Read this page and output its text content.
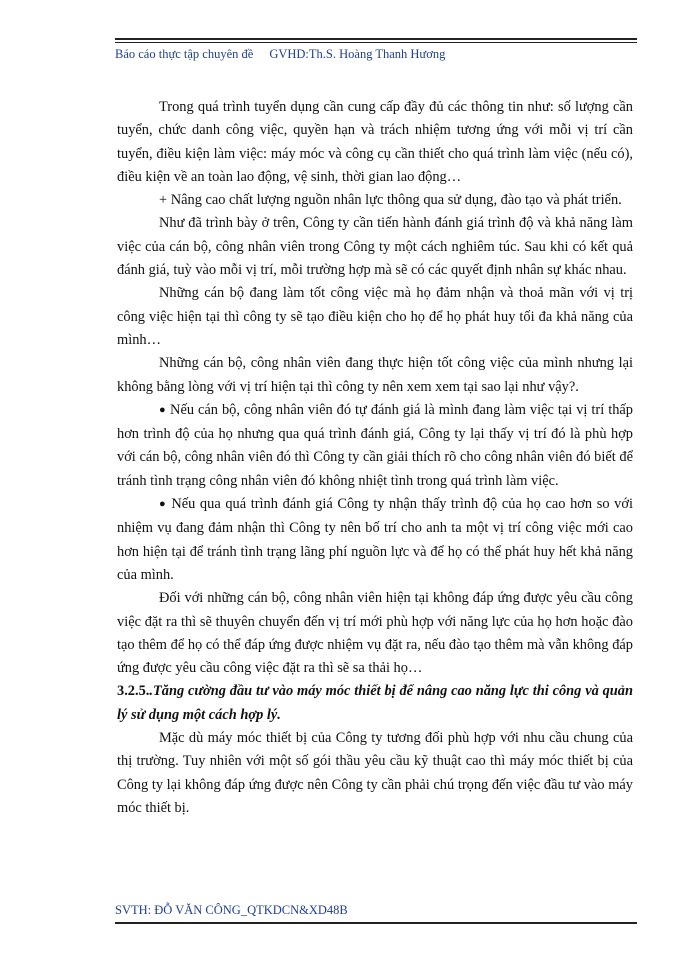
Báo cáo thực tập chuyên đề GVHD:Th.S. Hoàng Thanh Hương

Trong quá trình tuyển dụng cần cung cấp đầy đủ các thông tin như: số lượng cần tuyển, chức danh công việc, quyền hạn và trách nhiệm tương ứng với mỗi vị trí cần tuyển, điều kiện làm việc: máy móc và công cụ cần thiết cho quá trình làm việc (nếu có), điều kiện về an toàn lao động, vệ sinh, thời gian lao động…

+ Nâng cao chất lượng nguồn nhân lực thông qua sử dụng, đào tạo và phát triển.

Như đã trình bày ở trên, Công ty cần tiến hành đánh giá trình độ và khả năng làm việc của cán bộ, công nhân viên trong Công ty một cách nghiêm túc. Sau khi có kết quả đánh giá, tuỳ vào mỗi vị trí, mỗi trường hợp mà sẽ có các quyết định nhân sự khác nhau.

Những cán bộ đang làm tốt công việc mà họ đảm nhận và thoả mãn với vị trị công việc hiện tại thì công ty sẽ tạo điều kiện cho họ để họ phát huy tối đa khả năng của mình…

Những cán bộ, công nhân viên đang thực hiện tốt công việc của mình nhưng lại không bằng lòng với vị trí hiện tại thì công ty nên xem xem tại sao lại như vậy?.

● Nếu cán bộ, công nhân viên đó tự đánh giá là mình đang làm việc tại vị trí thấp hơn trình độ của họ nhưng qua quá trình đánh giá, Công ty lại thấy vị trí đó là phù hợp với cán bộ, công nhân viên đó thì Công ty cần giải thích rõ cho công nhân viên đó biết để tránh tình trạng công nhân viên đó không nhiệt tình trong quá trình làm việc.

● Nếu qua quá trình đánh giá Công ty nhận thấy trình độ của họ cao hơn so với nhiệm vụ đang đảm nhận thì Công ty nên bố trí cho anh ta một vị trí công việc mới cao hơn hiện tại để tránh tình trạng lãng phí nguồn lực và để họ có thể phát huy hết khả năng của mình.

Đối với những cán bộ, công nhân viên hiện tại không đáp ứng được yêu cầu công việc đặt ra thì sẽ thuyên chuyển đến vị trí mới phù hợp với năng lực của họ hơn hoặc đào tạo thêm để họ có thể đáp ứng được nhiệm vụ đặt ra, nếu đào tạo thêm mà vẫn không đáp ứng được yêu cầu công việc đặt ra thì sẽ sa thải họ…

3.2.5..Tăng cường đầu tư vào máy móc thiết bị để nâng cao năng lực thi công và quản lý sử dụng một cách hợp lý.

Mặc dù máy móc thiết bị của Công ty tương đối phù hợp với nhu cầu chung của thị trường. Tuy nhiên với một số gói thầu yêu cầu kỹ thuật cao thì máy móc thiết bị của Công ty lại không đáp ứng được nên Công ty cần phải chú trọng đến việc đầu tư vào máy móc thiết bị.

SVTH: ĐỖ VĂN CÔNG_QTKDCN&XD48B
